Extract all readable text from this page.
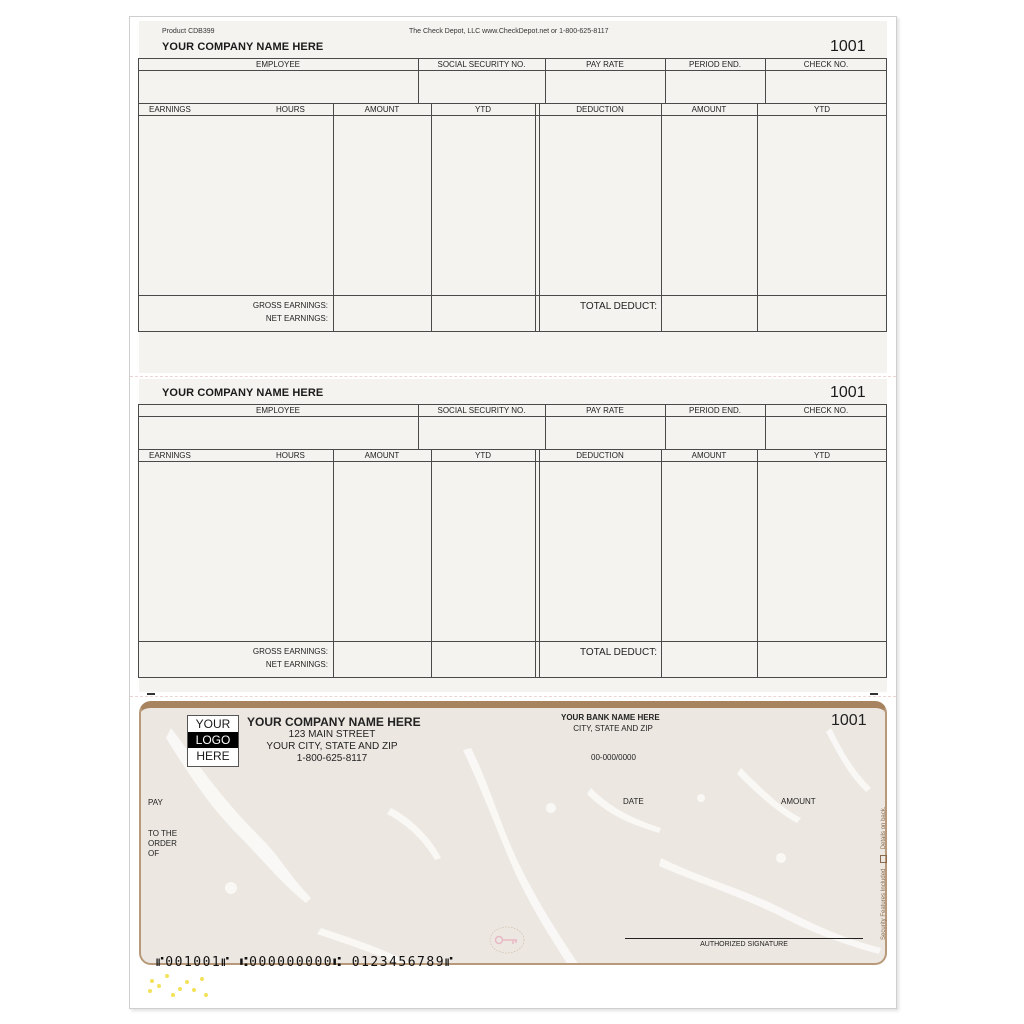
Product CDB399	The Check Depot, LLC www.CheckDepot.net or 1-800-625-8117
YOUR COMPANY NAME HERE	1001
EMPLOYEE	SOCIAL SECURITY NO.	PAY RATE	PERIOD END.	CHECK NO.
EARNINGS	HOURS	AMOUNT	YTD	DEDUCTION	AMOUNT	YTD
GROSS EARNINGS:
NET EARNINGS:
TOTAL DEDUCT:
YOUR COMPANY NAME HERE	1001
EMPLOYEE	SOCIAL SECURITY NO.	PAY RATE	PERIOD END.	CHECK NO.
EARNINGS	HOURS	AMOUNT	YTD	DEDUCTION	AMOUNT	YTD
GROSS EARNINGS:
NET EARNINGS:
TOTAL DEDUCT:
THE FACE OF THIS DOCUMENT HAS A COLORED BACKGROUND ON WHITE PAPER
YOUR
LOGO
HERE
YOUR COMPANY NAME HERE
123 MAIN STREET
YOUR CITY, STATE AND ZIP
1-800-625-8117
YOUR BANK NAME HERE
CITY, STATE AND ZIP
00-000/0000
1001
PAY
TO THE
ORDER
OF
DATE	AMOUNT
AUTHORIZED SIGNATURE
Security Features Included  Details on back.
⑈001001⑈ ⑆000000000⑆ 0123456789⑈
